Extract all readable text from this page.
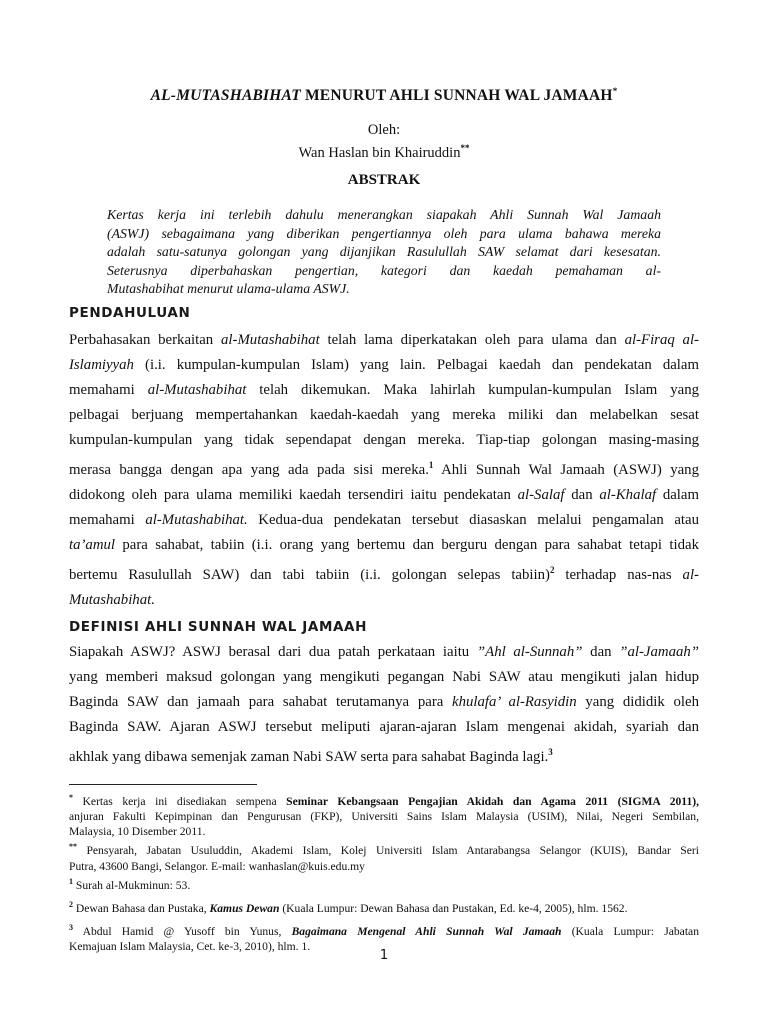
AL-MUTASHABIHAT MENURUT AHLI SUNNAH WAL JAMAAH*
Oleh:
Wan Haslan bin Khairuddin**
ABSTRAK
Kertas kerja ini terlebih dahulu menerangkan siapakah Ahli Sunnah Wal Jamaah
(ASWJ) sebagaimana yang diberikan pengertiannya oleh para ulama bahawa mereka
adalah satu-satunya golongan yang dijanjikan Rasulullah SAW selamat dari kesesatan.
Seterusnya diperbahaskan pengertian, kategori dan kaedah pemahaman al-
Mutashabihat menurut ulama-ulama ASWJ.
PENDAHULUAN
Perbahasakan berkaitan al-Mutashabihat telah lama diperkatakan oleh para ulama dan al-Firaq al-
Islamiyyah (i.i. kumpulan-kumpulan Islam) yang lain. Pelbagai kaedah dan pendekatan dalam
memahami al-Mutashabihat telah dikemukan. Maka lahirlah kumpulan-kumpulan Islam yang
pelbagai berjuang mempertahankan kaedah-kaedah yang mereka miliki dan melabelkan sesat
kumpulan-kumpulan yang tidak sependapat dengan mereka. Tiap-tiap golongan masing-masing
merasa bangga dengan apa yang ada pada sisi mereka.$^1$ Ahli Sunnah Wal Jamaah (ASWJ) yang
didokong oleh para ulama memiliki kaedah tersendiri iaitu pendekatan al-Salaf dan al-Khalaf dalam
memahami al-Mutashabihat. Kedua-dua pendekatan tersebut diasaskan melalui pengamalan atau
ta’amul para sahabat, tabiin (i.i. orang yang bertemu dan berguru dengan para sahabat tetapi tidak
bertemu Rasulullah SAW) dan tabi tabiin (i.i. golongan selepas tabiin)$^2$ terhadap nas-nas al-
Mutashabihat.
DEFINISI AHLI SUNNAH WAL JAMAAH
Siapakah ASWJ? ASWJ berasal dari dua patah perkataan iaitu ”Ahl al-Sunnah” dan ”al-Jamaah”
yang memberi maksud golongan yang mengikuti pegangan Nabi SAW atau mengikuti jalan hidup
Baginda SAW dan jamaah para sahabat terutamanya para khulafa’ al-Rasyidin yang dididik oleh
Baginda SAW. Ajaran ASWJ tersebut meliputi ajaran-ajaran Islam mengenai akidah, syariah dan
akhlak yang dibawa semenjak zaman Nabi SAW serta para sahabat Baginda lagi.$^3$
* Kertas kerja ini disediakan sempena Seminar Kebangsaan Pengajian Akidah dan Agama 2011 (SIGMA 2011),
anjuran Fakulti Kepimpinan dan Pengurusan (FKP), Universiti Sains Islam Malaysia (USIM), Nilai, Negeri Sembilan,
Malaysia, 10 Disember 2011.
** Pensyarah, Jabatan Usuluddin, Akademi Islam, Kolej Universiti Islam Antarabangsa Selangor (KUIS), Bandar Seri
Putra, 43600 Bangi, Selangor. E-mail: wanhaslan@kuis.edu.my
$^1$ Surah al-Mukminun: 53.
$^2$ Dewan Bahasa dan Pustaka, Kamus Dewan (Kuala Lumpur: Dewan Bahasa dan Pustakan, Ed. ke-4, 2005), hlm. 1562.
$^3$ Abdul Hamid @ Yusoff bin Yunus, Bagaimana Mengenal Ahli Sunnah Wal Jamaah (Kuala Lumpur: Jabatan
Kemajuan Islam Malaysia, Cet. ke-3, 2010), hlm. 1.
1
